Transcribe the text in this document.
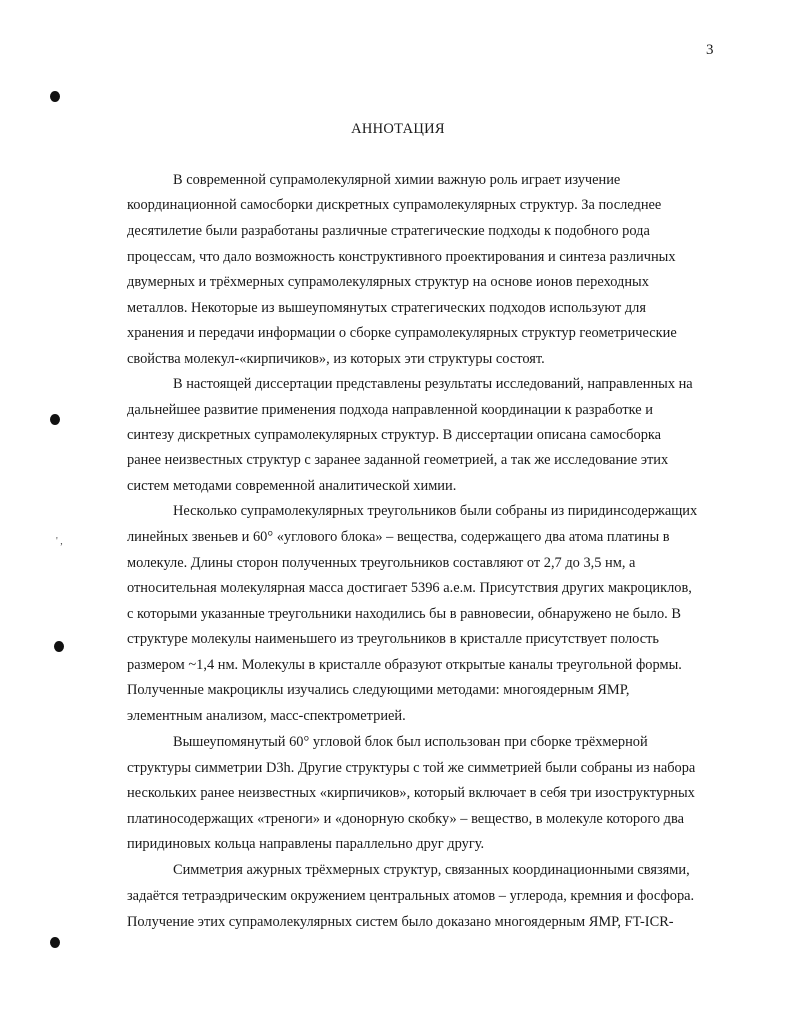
3
АННОТАЦИЯ
' ,
В современной супрамолекулярной химии важную роль играет изучение
координационной самосборки дискретных супрамолекулярных структур. За последнее
десятилетие были разработаны различные стратегические подходы к подобного рода
процессам, что дало возможность конструктивного проектирования и синтеза различных
двумерных и трёхмерных супрамолекулярных структур на основе ионов переходных
металлов. Некоторые из вышеупомянутых стратегических подходов используют для
хранения и передачи информации о сборке супрамолекулярных структур геометрические
свойства молекул-«кирпичиков», из которых эти структуры состоят.
В настоящей диссертации представлены результаты исследований, направленных на
дальнейшее развитие применения подхода направленной координации к разработке и
синтезу дискретных супрамолекулярных структур. В диссертации описана самосборка
ранее неизвестных структур с заранее заданной геометрией, а так же исследование этих
систем методами современной аналитической химии.
Несколько супрамолекулярных треугольников были собраны из пиридинсодержащих
линейных звеньев и 60° «углового блока» – вещества, содержащего два атома платины в
молекуле. Длины сторон полученных треугольников составляют от 2,7 до 3,5 нм, а
относительная молекулярная масса достигает 5396 а.е.м. Присутствия других макроциклов,
с которыми указанные треугольники находились бы в равновесии, обнаружено не было. В
структуре молекулы наименьшего из треугольников в кристалле присутствует полость
размером ~1,4 нм. Молекулы в кристалле образуют открытые каналы треугольной формы.
Полученные макроциклы изучались следующими методами: многоядерным ЯМР,
элементным анализом, масс-спектрометрией.
Вышеупомянутый 60° угловой блок был использован при сборке трёхмерной
структуры симметрии D3h. Другие структуры с той же симметрией были собраны из набора
нескольких ранее неизвестных «кирпичиков», который включает в себя три изоструктурных
платиносодержащих «треноги» и «донорную скобку» – вещество, в молекуле которого два
пиридиновых кольца направлены параллельно друг другу.
Симметрия ажурных трёхмерных структур, связанных координационными связями,
задаётся тетраэдрическим окружением центральных атомов – углерода, кремния и фосфора.
Получение этих супрамолекулярных систем было доказано многоядерным ЯМР, FT-ICR-
